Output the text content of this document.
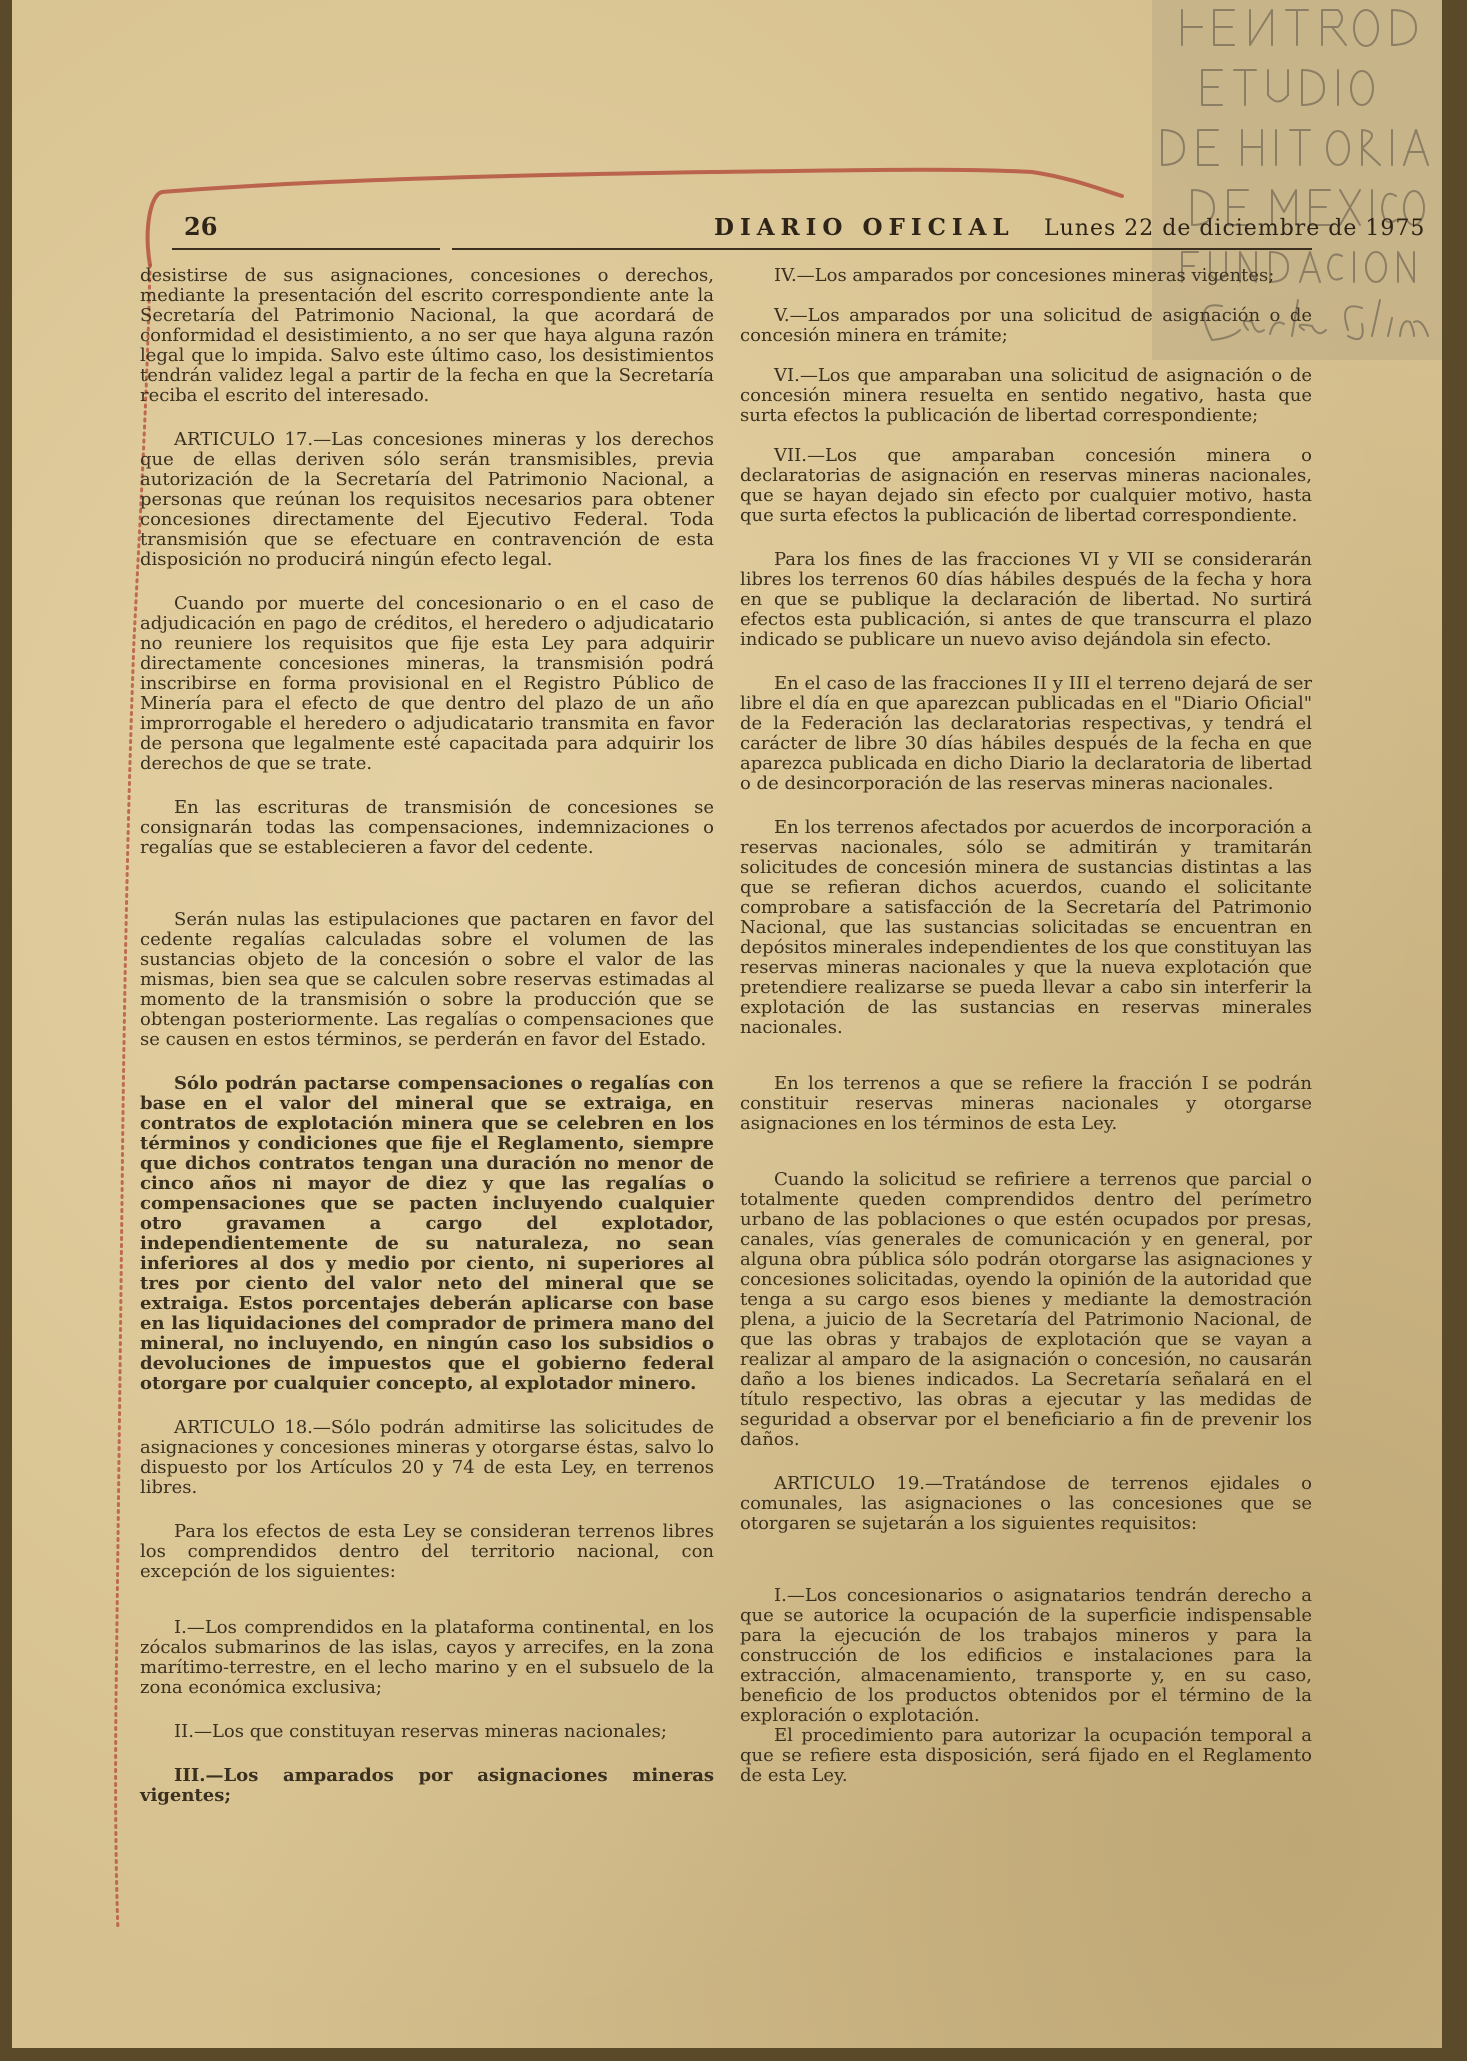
26	DIARIO OFICIAL Lunes 22 de diciembre de 1975

desistirse de sus asignaciones, concesiones o derechos, mediante la presentación del escrito correspondiente ante la Secretaría del Patrimonio Nacional, la que acordará de conformidad el desistimiento, a no ser que haya alguna razón legal que lo impida. Salvo este último caso, los desistimientos tendrán validez legal a partir de la fecha en que la Secretaría reciba el escrito del interesado.

ARTICULO 17.—Las concesiones mineras y los derechos que de ellas deriven sólo serán transmisibles, previa autorización de la Secretaría del Patrimonio Nacional, a personas que reúnan los requisitos necesarios para obtener concesiones directamente del Ejecutivo Federal. Toda transmisión que se efectuare en contravención de esta disposición no producirá ningún efecto legal.

Cuando por muerte del concesionario o en el caso de adjudicación en pago de créditos, el heredero o adjudicatario no reuniere los requisitos que fije esta Ley para adquirir directamente concesiones mineras, la transmisión podrá inscribirse en forma provisional en el Registro Público de Minería para el efecto de que dentro del plazo de un año improrrogable el heredero o adjudicatario transmita en favor de persona que legalmente esté capacitada para adquirir los derechos de que se trate.

En las escrituras de transmisión de concesiones se consignarán todas las compensaciones, indemnizaciones o regalías que se establecieren a favor del cedente.

Serán nulas las estipulaciones que pactaren en favor del cedente regalías calculadas sobre el volumen de las sustancias objeto de la concesión o sobre el valor de las mismas, bien sea que se calculen sobre reservas estimadas al momento de la transmisión o sobre la producción que se obtengan posteriormente. Las regalías o compensaciones que se causen en estos términos, se perderán en favor del Estado.

Sólo podrán pactarse compensaciones o regalías con base en el valor del mineral que se extraiga, en contratos de explotación minera que se celebren en los términos y condiciones que fije el Reglamento, siempre que dichos contratos tengan una duración no menor de cinco años ni mayor de diez y que las regalías o compensaciones que se pacten incluyendo cualquier otro gravamen a cargo del explotador, independientemente de su naturaleza, no sean inferiores al dos y medio por ciento, ni superiores al tres por ciento del valor neto del mineral que se extraiga. Estos porcentajes deberán aplicarse con base en las liquidaciones del comprador de primera mano del mineral, no incluyendo, en ningún caso los subsidios o devoluciones de impuestos que el gobierno federal otorgare por cualquier concepto, al explotador minero.

ARTICULO 18.—Sólo podrán admitirse las solicitudes de asignaciones y concesiones mineras y otorgarse éstas, salvo lo dispuesto por los Artículos 20 y 74 de esta Ley, en terrenos libres.

Para los efectos de esta Ley se consideran terrenos libres los comprendidos dentro del territorio nacional, con excepción de los siguientes:

I.—Los comprendidos en la plataforma continental, en los zócalos submarinos de las islas, cayos y arrecifes, en la zona marítimo-terrestre, en el lecho marino y en el subsuelo de la zona económica exclusiva;

II.—Los que constituyan reservas mineras nacionales;

III.—Los amparados por asignaciones mineras vigentes;

IV.—Los amparados por concesiones mineras vigentes;

V.—Los amparados por una solicitud de asignación o de concesión minera en trámite;

VI.—Los que amparaban una solicitud de asignación o de concesión minera resuelta en sentido negativo, hasta que surta efectos la publicación de libertad correspondiente;

VII.—Los que amparaban concesión minera o declaratorias de asignación en reservas mineras nacionales, que se hayan dejado sin efecto por cualquier motivo, hasta que surta efectos la publicación de libertad correspondiente.

Para los fines de las fracciones VI y VII se considerarán libres los terrenos 60 días hábiles después de la fecha y hora en que se publique la declaración de libertad. No surtirá efectos esta publicación, si antes de que transcurra el plazo indicado se publicare un nuevo aviso dejándola sin efecto.

En el caso de las fracciones II y III el terreno dejará de ser libre el día en que aparezcan publicadas en el "Diario Oficial" de la Federación las declaratorias respectivas, y tendrá el carácter de libre 30 días hábiles después de la fecha en que aparezca publicada en dicho Diario la declaratoria de libertad o de desincorporación de las reservas mineras nacionales.

En los terrenos afectados por acuerdos de incorporación a reservas nacionales, sólo se admitirán y tramitarán solicitudes de concesión minera de sustancias distintas a las que se refieran dichos acuerdos, cuando el solicitante comprobare a satisfacción de la Secretaría del Patrimonio Nacional, que las sustancias solicitadas se encuentran en depósitos minerales independientes de los que constituyan las reservas mineras nacionales y que la nueva explotación que pretendiere realizarse se pueda llevar a cabo sin interferir la explotación de las sustancias en reservas minerales nacionales.

En los terrenos a que se refiere la fracción I se podrán constituir reservas mineras nacionales y otorgarse asignaciones en los términos de esta Ley.

Cuando la solicitud se refiriere a terrenos que parcial o totalmente queden comprendidos dentro del perímetro urbano de las poblaciones o que estén ocupados por presas, canales, vías generales de comunicación y en general, por alguna obra pública sólo podrán otorgarse las asignaciones y concesiones solicitadas, oyendo la opinión de la autoridad que tenga a su cargo esos bienes y mediante la demostración plena, a juicio de la Secretaría del Patrimonio Nacional, de que las obras y trabajos de explotación que se vayan a realizar al amparo de la asignación o concesión, no causarán daño a los bienes indicados. La Secretaría señalará en el título respectivo, las obras a ejecutar y las medidas de seguridad a observar por el beneficiario a fin de prevenir los daños.

ARTICULO 19.—Tratándose de terrenos ejidales o comunales, las asignaciones o las concesiones que se otorgaren se sujetarán a los siguientes requisitos:

I.—Los concesionarios o asignatarios tendrán derecho a que se autorice la ocupación de la superficie indispensable para la ejecución de los trabajos mineros y para la construcción de los edificios e instalaciones para la extracción, almacenamiento, transporte y, en su caso, beneficio de los productos obtenidos por el término de la exploración o explotación.

El procedimiento para autorizar la ocupación temporal a que se refiere esta disposición, será fijado en el Reglamento de esta Ley.
